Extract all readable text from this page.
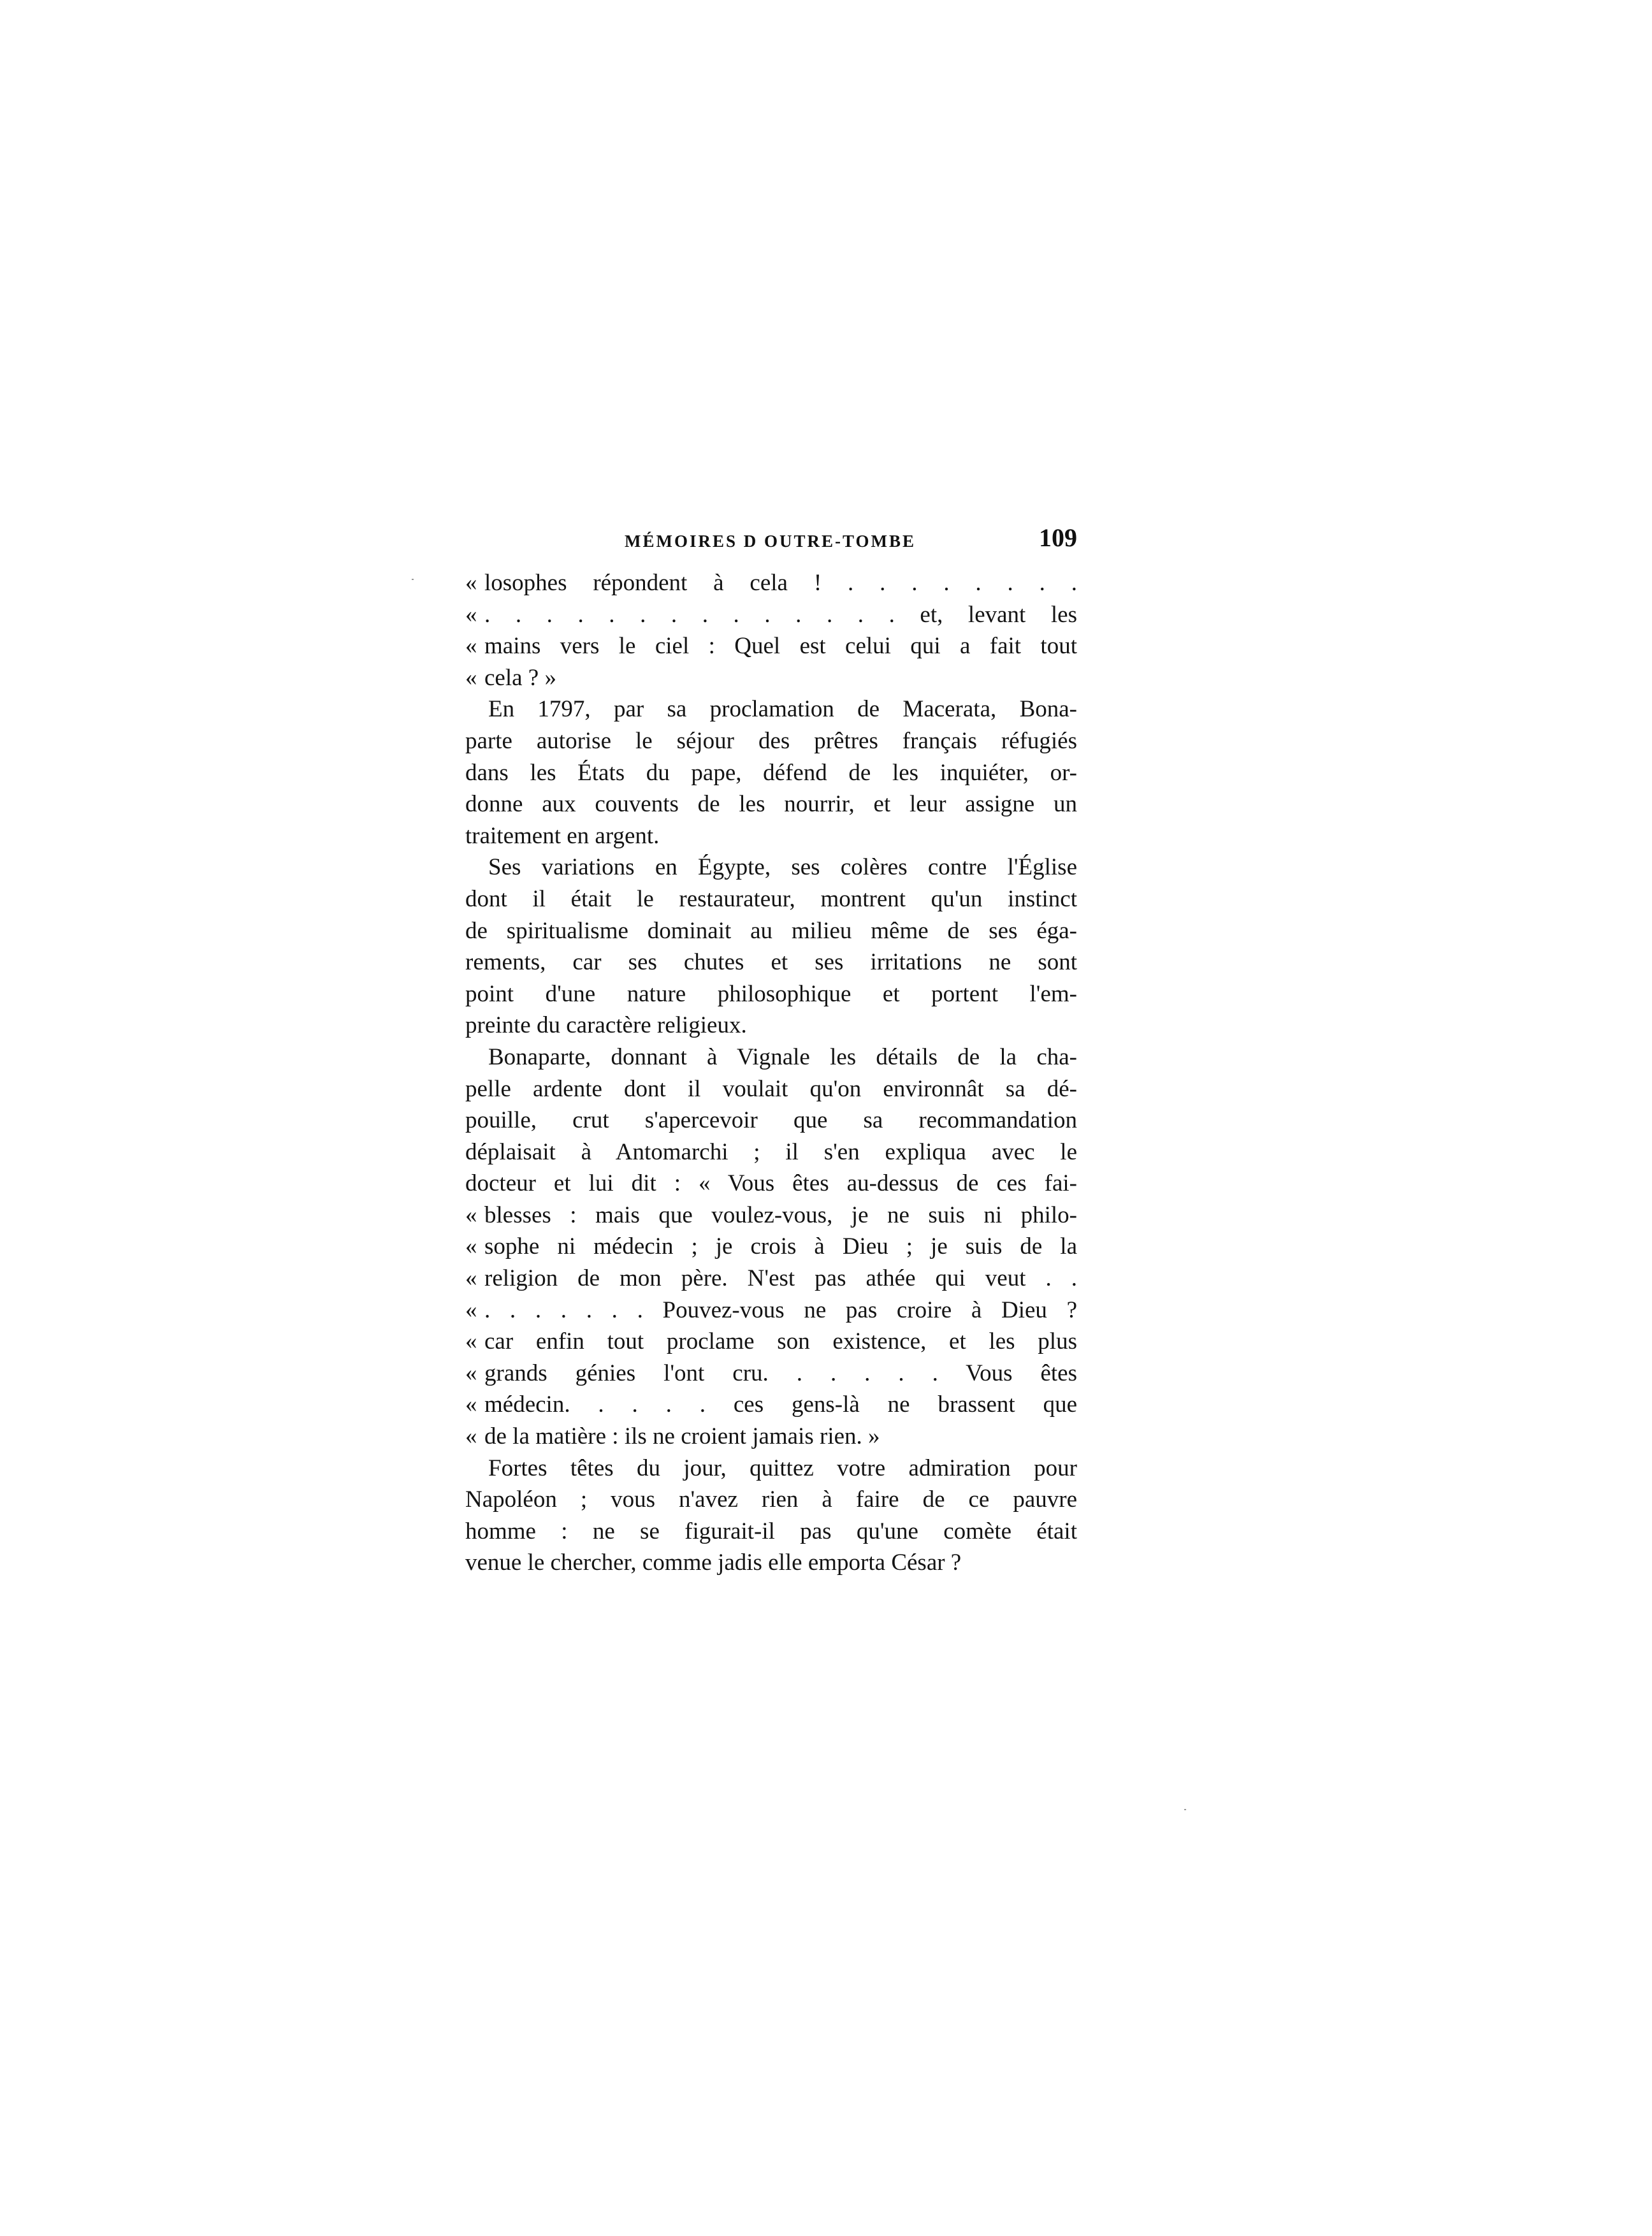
MÉMOIRES D OUTRE-TOMBE	109
« losophes répondent à cela ! . . . . . . . .
« . . . . . . . . . . . . . . et, levant les
« mains vers le ciel : Quel est celui qui a fait tout
« cela ? »
En 1797, par sa proclamation de Macerata, Bona-
parte autorise le séjour des prêtres français réfugiés
dans les États du pape, défend de les inquiéter, or-
donne aux couvents de les nourrir, et leur assigne un
traitement en argent.
Ses variations en Égypte, ses colères contre l'Église
dont il était le restaurateur, montrent qu'un instinct
de spiritualisme dominait au milieu même de ses éga-
rements, car ses chutes et ses irritations ne sont
point d'une nature philosophique et portent l'em-
preinte du caractère religieux.
Bonaparte, donnant à Vignale les détails de la cha-
pelle ardente dont il voulait qu'on environnât sa dé-
pouille, crut s'apercevoir que sa recommandation
déplaisait à Antomarchi ; il s'en expliqua avec le
docteur et lui dit : « Vous êtes au-dessus de ces fai-
« blesses : mais que voulez-vous, je ne suis ni philo-
« sophe ni médecin ; je crois à Dieu ; je suis de la
« religion de mon père. N'est pas athée qui veut . .
« . . . . . . . Pouvez-vous ne pas croire à Dieu ?
« car enfin tout proclame son existence, et les plus
« grands génies l'ont cru. . . . . . Vous êtes
« médecin. . . . . ces gens-là ne brassent que
« de la matière : ils ne croient jamais rien. »
Fortes têtes du jour, quittez votre admiration pour
Napoléon ; vous n'avez rien à faire de ce pauvre
homme : ne se figurait-il pas qu'une comète était
venue le chercher, comme jadis elle emporta César ?
